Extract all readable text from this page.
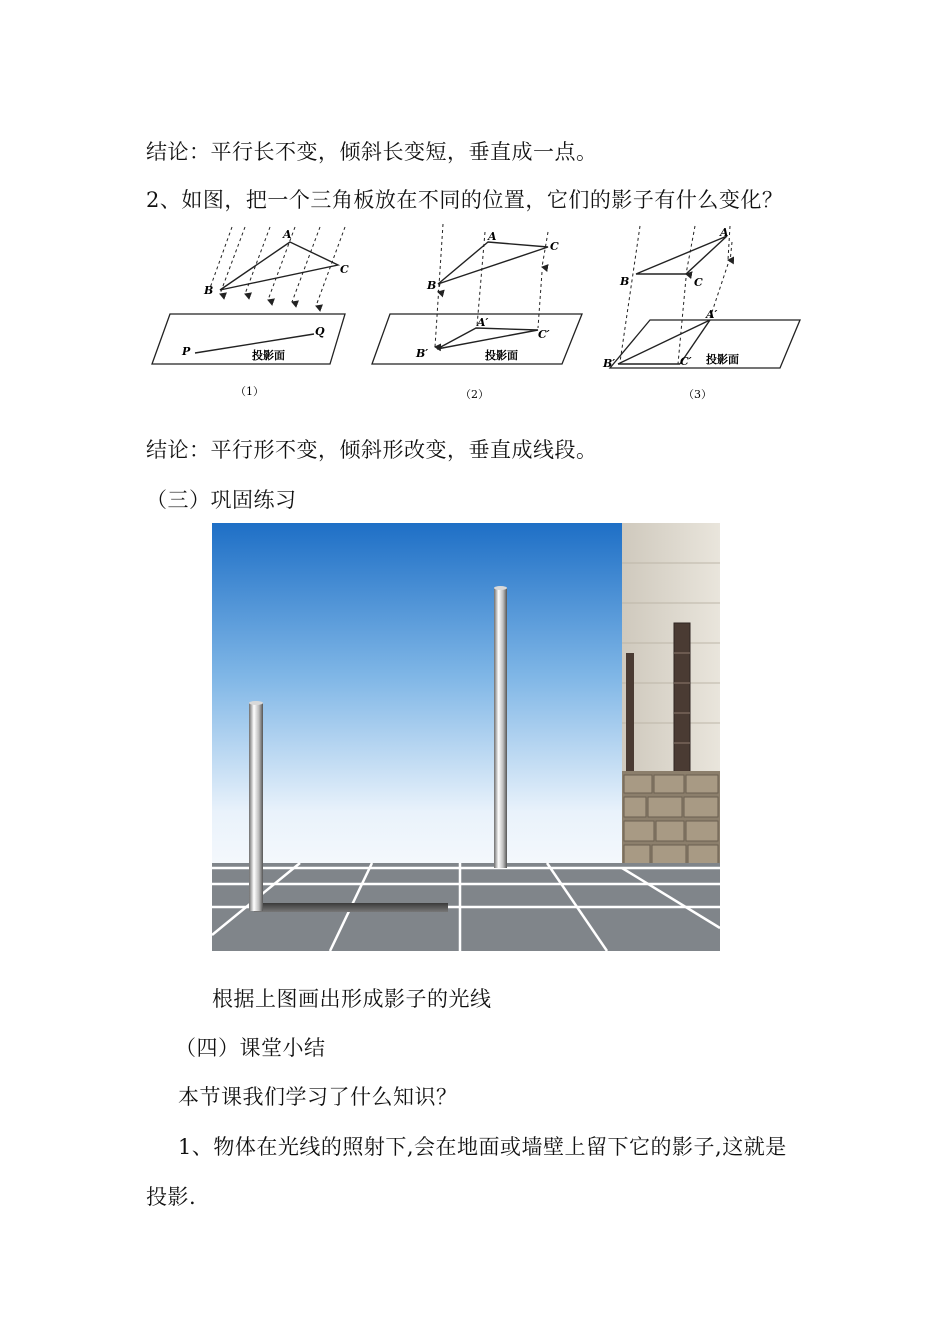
结论：平行长不变，倾斜长变短，垂直成一点。
2、如图，把一个三角板放在不同的位置，它们的影子有什么变化？
A
B
C
P
Q
投影面
（1）
A
B
C
A′
B′
C′
投影面
（2）
A
B	C
A′
B′	C′ 投影面
（3）
结论：平行形不变，倾斜形改变，垂直成线段。
（三）巩固练习
根据上图画出形成影子的光线
（四）课堂小结
本节课我们学习了什么知识？
1、物体在光线的照射下,会在地面或墙壁上留下它的影子,这就是
投影.
